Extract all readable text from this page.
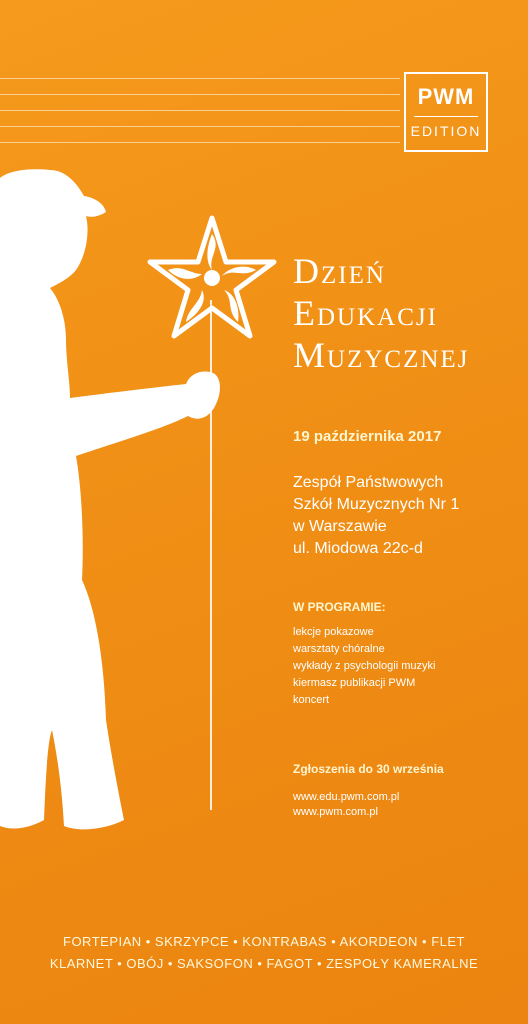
PWM
EDITION
Dzień
Edukacji
Muzycznej
19 października 2017
Zespół Państwowych
Szkół Muzycznych Nr 1
w Warszawie
ul. Miodowa 22c-d
W PROGRAMIE:
lekcje pokazowe
warsztaty chóralne
wykłady z psychologii muzyki
kiermasz publikacji PWM
koncert
Zgłoszenia do 30 września
www.edu.pwm.com.pl
www.pwm.com.pl
FORTEPIAN • SKRZYPCE • KONTRABAS • AKORDEON • FLET
KLARNET • OBÓJ • SAKSOFON • FAGOT • ZESPOŁY KAMERALNE
